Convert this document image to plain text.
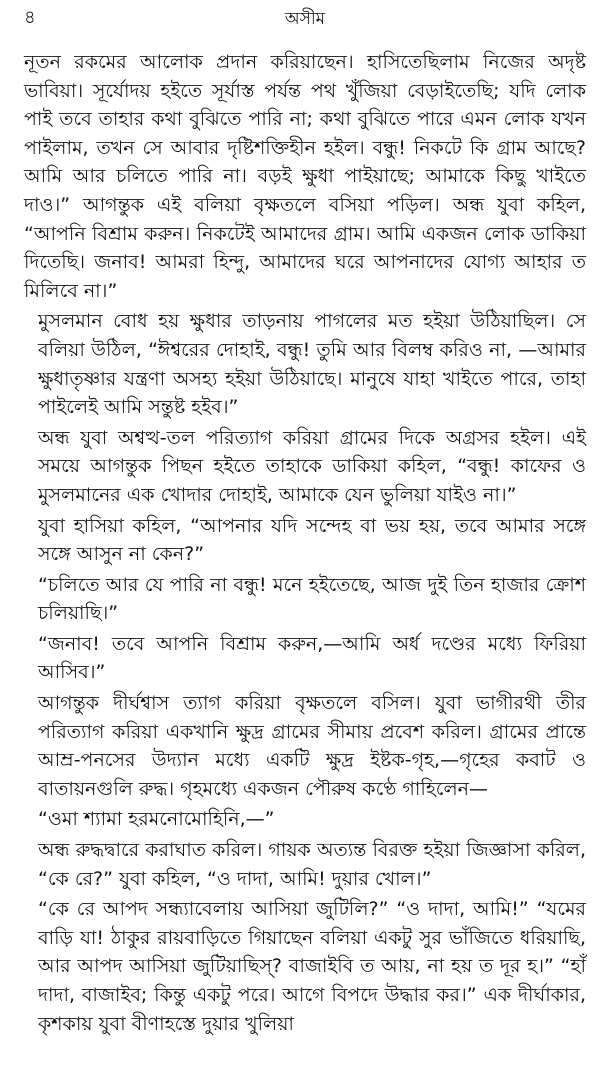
৪	অসীম

নূতন রকমের আলোক প্রদান করিয়াছেন। হাসিতেছিলাম নিজের অদৃষ্ট ভাবিয়া। সূর্যোদয় হইতে সূর্যাস্ত পর্যন্ত পথ খুঁজিয়া বেড়াইতেছি; যদি লোক পাই তবে তাহার কথা বুঝিতে পারি না; কথা বুঝিতে পারে এমন লোক যখন পাইলাম, তখন সে আবার দৃষ্টিশক্তিহীন হইল। বন্ধু! নিকটে কি গ্রাম আছে? আমি আর চলিতে পারি না। বড়ই ক্ষুধা পাইয়াছে; আমাকে কিছু খাইতে দাও।” আগন্তুক এই বলিয়া বৃক্ষতলে বসিয়া পড়িল। অন্ধ যুবা কহিল, “আপনি বিশ্রাম করুন। নিকটেই আমাদের গ্রাম। আমি একজন লোক ডাকিয়া দিতেছি। জনাব! আমরা হিন্দু, আমাদের ঘরে আপনাদের যোগ্য আহার ত মিলিবে না।”

মুসলমান বোধ হয় ক্ষুধার তাড়নায় পাগলের মত হইয়া উঠিয়াছিল। সে বলিয়া উঠিল, “ঈশ্বরের দোহাই, বন্ধু! তুমি আর বিলম্ব করিও না, —আমার ক্ষুধাতৃষ্ণার যন্ত্রণা অসহ্য হইয়া উঠিয়াছে। মানুষে যাহা খাইতে পারে, তাহা পাইলেই আমি সন্তুষ্ট হইব।”

অন্ধ যুবা অশ্বত্থ-তল পরিত্যাগ করিয়া গ্রামের দিকে অগ্রসর হইল। এই সময়ে আগন্তুক পিছন হইতে তাহাকে ডাকিয়া কহিল, “বন্ধু! কাফের ও মুসলমানের এক খোদার দোহাই, আমাকে যেন ভুলিয়া যাইও না।”

যুবা হাসিয়া কহিল, “আপনার যদি সন্দেহ বা ভয় হয়, তবে আমার সঙ্গে সঙ্গে আসুন না কেন?”

“চলিতে আর যে পারি না বন্ধু! মনে হইতেছে, আজ দুই তিন হাজার ক্রোশ চলিয়াছি।”

“জনাব! তবে আপনি বিশ্রাম করুন,—আমি অর্ধ দণ্ডের মধ্যে ফিরিয়া আসিব।”

আগন্তুক দীর্ঘশ্বাস ত্যাগ করিয়া বৃক্ষতলে বসিল। যুবা ভাগীরথী তীর পরিত্যাগ করিয়া একখানি ক্ষুদ্র গ্রামের সীমায় প্রবেশ করিল। গ্রামের প্রান্তে আম্র-পনসের উদ্যান মধ্যে একটি ক্ষুদ্র ইষ্টক-গৃহ,—গৃহের কবাট ও বাতায়নগুলি রুদ্ধ। গৃহমধ্যে একজন পৌরুষ কণ্ঠে গাহিলেন—

“ওমা শ্যামা হরমনোমোহিনি,—”

অন্ধ রুদ্ধদ্বারে করাঘাত করিল। গায়ক অত্যন্ত বিরক্ত হইয়া জিজ্ঞাসা করিল, “কে রে?” যুবা কহিল, “ও দাদা, আমি! দুয়ার খোল।”

“কে রে আপদ সন্ধ্যাবেলায় আসিয়া জুটিলি?” “ও দাদা, আমি!” “যমের বাড়ি যা! ঠাকুর রায়বাড়িতে গিয়াছেন বলিয়া একটু সুর ভাঁজিতে ধরিয়াছি, আর আপদ আসিয়া জুটিয়াছিস্? বাজাইবি ত আয়, না হয় ত দূর হ।” “হাঁ দাদা, বাজাইব; কিন্তু একটু পরে। আগে বিপদে উদ্ধার কর।” এক দীর্ঘাকার, কৃশকায় যুবা বীণাহস্তে দুয়ার খুলিয়া
